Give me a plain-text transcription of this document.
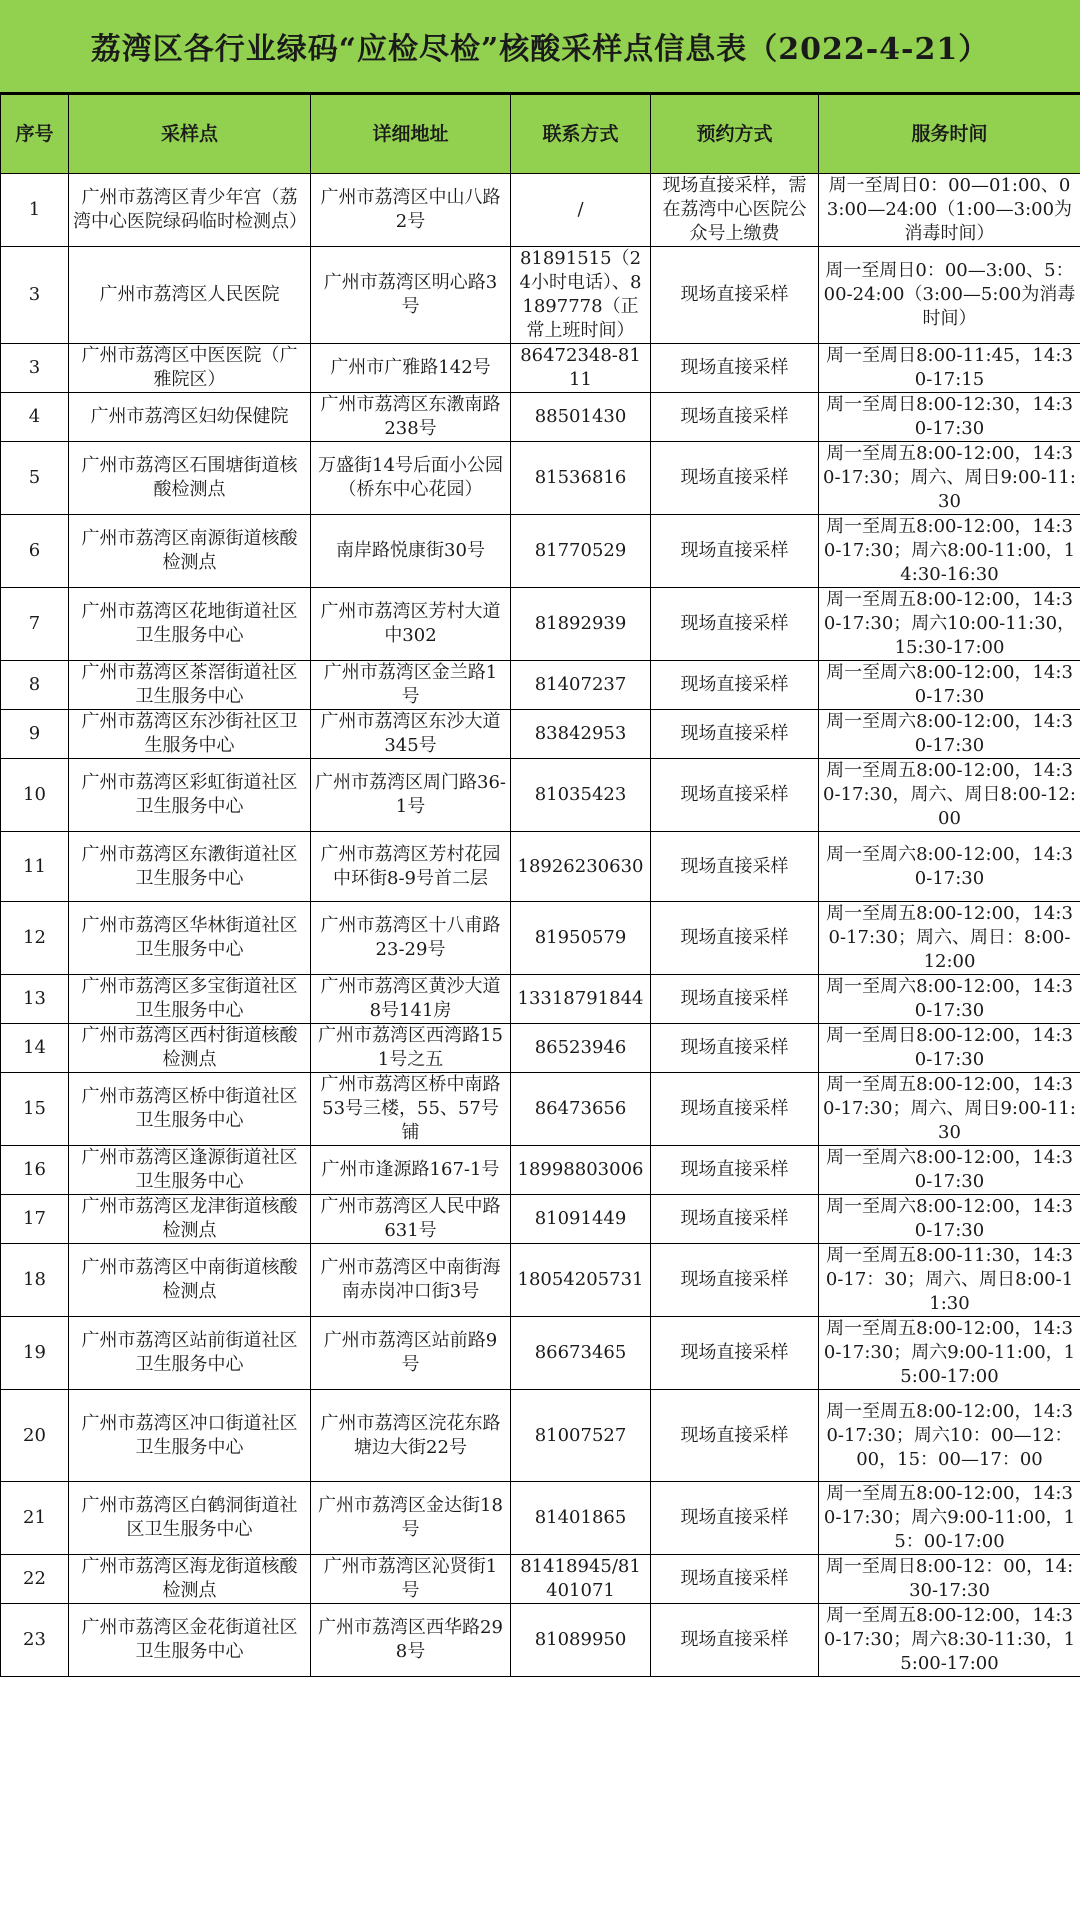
荔湾区各行业绿码“应检尽检”核酸采样点信息表（2022-4-21）
序号	采样点	详细地址	联系方式	预约方式	服务时间
1	广州市荔湾区青少年宫（荔湾中心医院绿码临时检测点）	广州市荔湾区中山八路2号	/	现场直接采样，需在荔湾中心医院公众号上缴费	周一至周日0：00—01:00、03:00—24:00（1:00—3:00为消毒时间）
3	广州市荔湾区人民医院	广州市荔湾区明心路3号	81891515（24小时电话）、81897778（正常上班时间）	现场直接采样	周一至周日0：00—3:00、5：00-24:00（3:00—5:00为消毒时间）
3	广州市荔湾区中医医院（广雅院区）	广州市广雅路142号	86472348-8111	现场直接采样	周一至周日8:00-11:45，14:30-17:15
4	广州市荔湾区妇幼保健院	广州市荔湾区东漖南路238号	88501430	现场直接采样	周一至周日8:00-12:30，14:30-17:30
5	广州市荔湾区石围塘街道核酸检测点	万盛街14号后面小公园（桥东中心花园）	81536816	现场直接采样	周一至周五8:00-12:00，14:30-17:30；周六、周日9:00-11:30
6	广州市荔湾区南源街道核酸检测点	南岸路悦康街30号	81770529	现场直接采样	周一至周五8:00-12:00，14:30-17:30；周六8:00-11:00，14:30-16:30
7	广州市荔湾区花地街道社区卫生服务中心	广州市荔湾区芳村大道中302	81892939	现场直接采样	周一至周五8:00-12:00，14:30-17:30；周六10:00-11:30，15:30-17:00
8	广州市荔湾区茶滘街道社区卫生服务中心	广州市荔湾区金兰路1号	81407237	现场直接采样	周一至周六8:00-12:00，14:30-17:30
9	广州市荔湾区东沙街社区卫生服务中心	广州市荔湾区东沙大道345号	83842953	现场直接采样	周一至周六8:00-12:00，14:30-17:30
10	广州市荔湾区彩虹街道社区卫生服务中心	广州市荔湾区周门路36-1号	81035423	现场直接采样	周一至周五8:00-12:00，14:30-17:30，周六、周日8:00-12:00
11	广州市荔湾区东漖街道社区卫生服务中心	广州市荔湾区芳村花园中环街8-9号首二层	18926230630	现场直接采样	周一至周六8:00-12:00，14:30-17:30
12	广州市荔湾区华林街道社区卫生服务中心	广州市荔湾区十八甫路23-29号	81950579	现场直接采样	周一至周五8:00-12:00，14:30-17:30；周六、周日：8:00-12:00
13	广州市荔湾区多宝街道社区卫生服务中心	广州市荔湾区黄沙大道8号141房	13318791844	现场直接采样	周一至周六8:00-12:00，14:30-17:30
14	广州市荔湾区西村街道核酸检测点	广州市荔湾区西湾路151号之五	86523946	现场直接采样	周一至周日8:00-12:00，14:30-17:30
15	广州市荔湾区桥中街道社区卫生服务中心	广州市荔湾区桥中南路53号三楼，55、57号铺	86473656	现场直接采样	周一至周五8:00-12:00，14:30-17:30；周六、周日9:00-11:30
16	广州市荔湾区逢源街道社区卫生服务中心	广州市逢源路167-1号	18998803006	现场直接采样	周一至周六8:00-12:00，14:30-17:30
17	广州市荔湾区龙津街道核酸检测点	广州市荔湾区人民中路631号	81091449	现场直接采样	周一至周六8:00-12:00，14:30-17:30
18	广州市荔湾区中南街道核酸检测点	广州市荔湾区中南街海南赤岗冲口街3号	18054205731	现场直接采样	周一至周五8:00-11:30，14:30-17：30；周六、周日8:00-11:30
19	广州市荔湾区站前街道社区卫生服务中心	广州市荔湾区站前路9号	86673465	现场直接采样	周一至周五8:00-12:00，14:30-17:30；周六9:00-11:00，15:00-17:00
20	广州市荔湾区冲口街道社区卫生服务中心	广州市荔湾区浣花东路塘边大街22号	81007527	现场直接采样	周一至周五8:00-12:00，14:30-17:30；周六10：00—12：00，15：00—17：00
21	广州市荔湾区白鹤洞街道社区卫生服务中心	广州市荔湾区金达街18号	81401865	现场直接采样	周一至周五8:00-12:00，14:30-17:30；周六9:00-11:00，15：00-17:00
22	广州市荔湾区海龙街道核酸检测点	广州市荔湾区沁贤街1号	81418945/81401071	现场直接采样	周一至周日8:00-12：00，14:30-17:30
23	广州市荔湾区金花街道社区卫生服务中心	广州市荔湾区西华路298号	81089950	现场直接采样	周一至周五8:00-12:00，14:30-17:30；周六8:30-11:30，15:00-17:00
